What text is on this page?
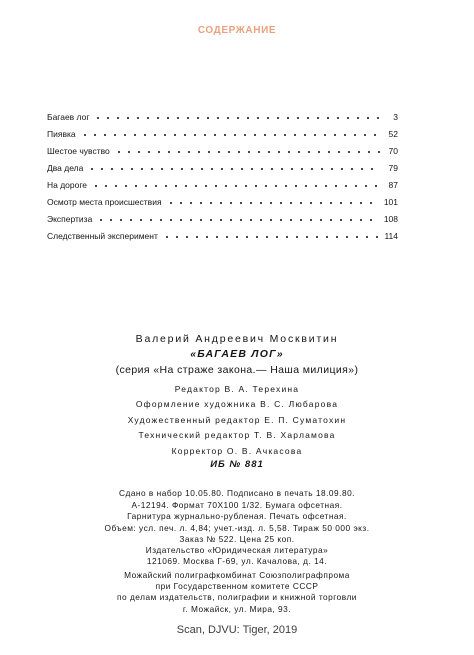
СОДЕРЖАНИЕ
Багаев лог	3
Пиявка	52
Шестое чувство	70
Два дела	79
На дороге	87
Осмотр места происшествия	101
Экспертиза	108
Следственный эксперимент	114
Валерий Андреевич Москвитин
«БАГАЕВ ЛОГ»
(серия «На страже закона.— Наша милиция»)
Редактор В. А. Терехина
Оформление художника В. С. Любарова
Художественный редактор Е. П. Суматохин
Технический редактор Т. В. Харламова
Корректор О. В. Ачкасова
ИБ № 881
Сдано в набор 10.05.80. Подписано в печать 18.09.80.
А-12194. Формат 70Х100 1/32. Бумага офсетная.
Гарнитура журнально-рубленая. Печать офсетная.
Объем: усл. печ. л. 4,84; учет.-изд. л. 5,58. Тираж 50 000 экз.
Заказ № 522. Цена 25 коп.
Издательство «Юридическая литература»
121069. Москва Г-69, ул. Качалова, д. 14.
Можайский полиграфкомбинат Союзполиграфпрома
при Государственном комитете СССР
по делам издательств, полиграфии и книжной торговли
г. Можайск, ул. Мира, 93.
Scan, DJVU: Tiger, 2019
